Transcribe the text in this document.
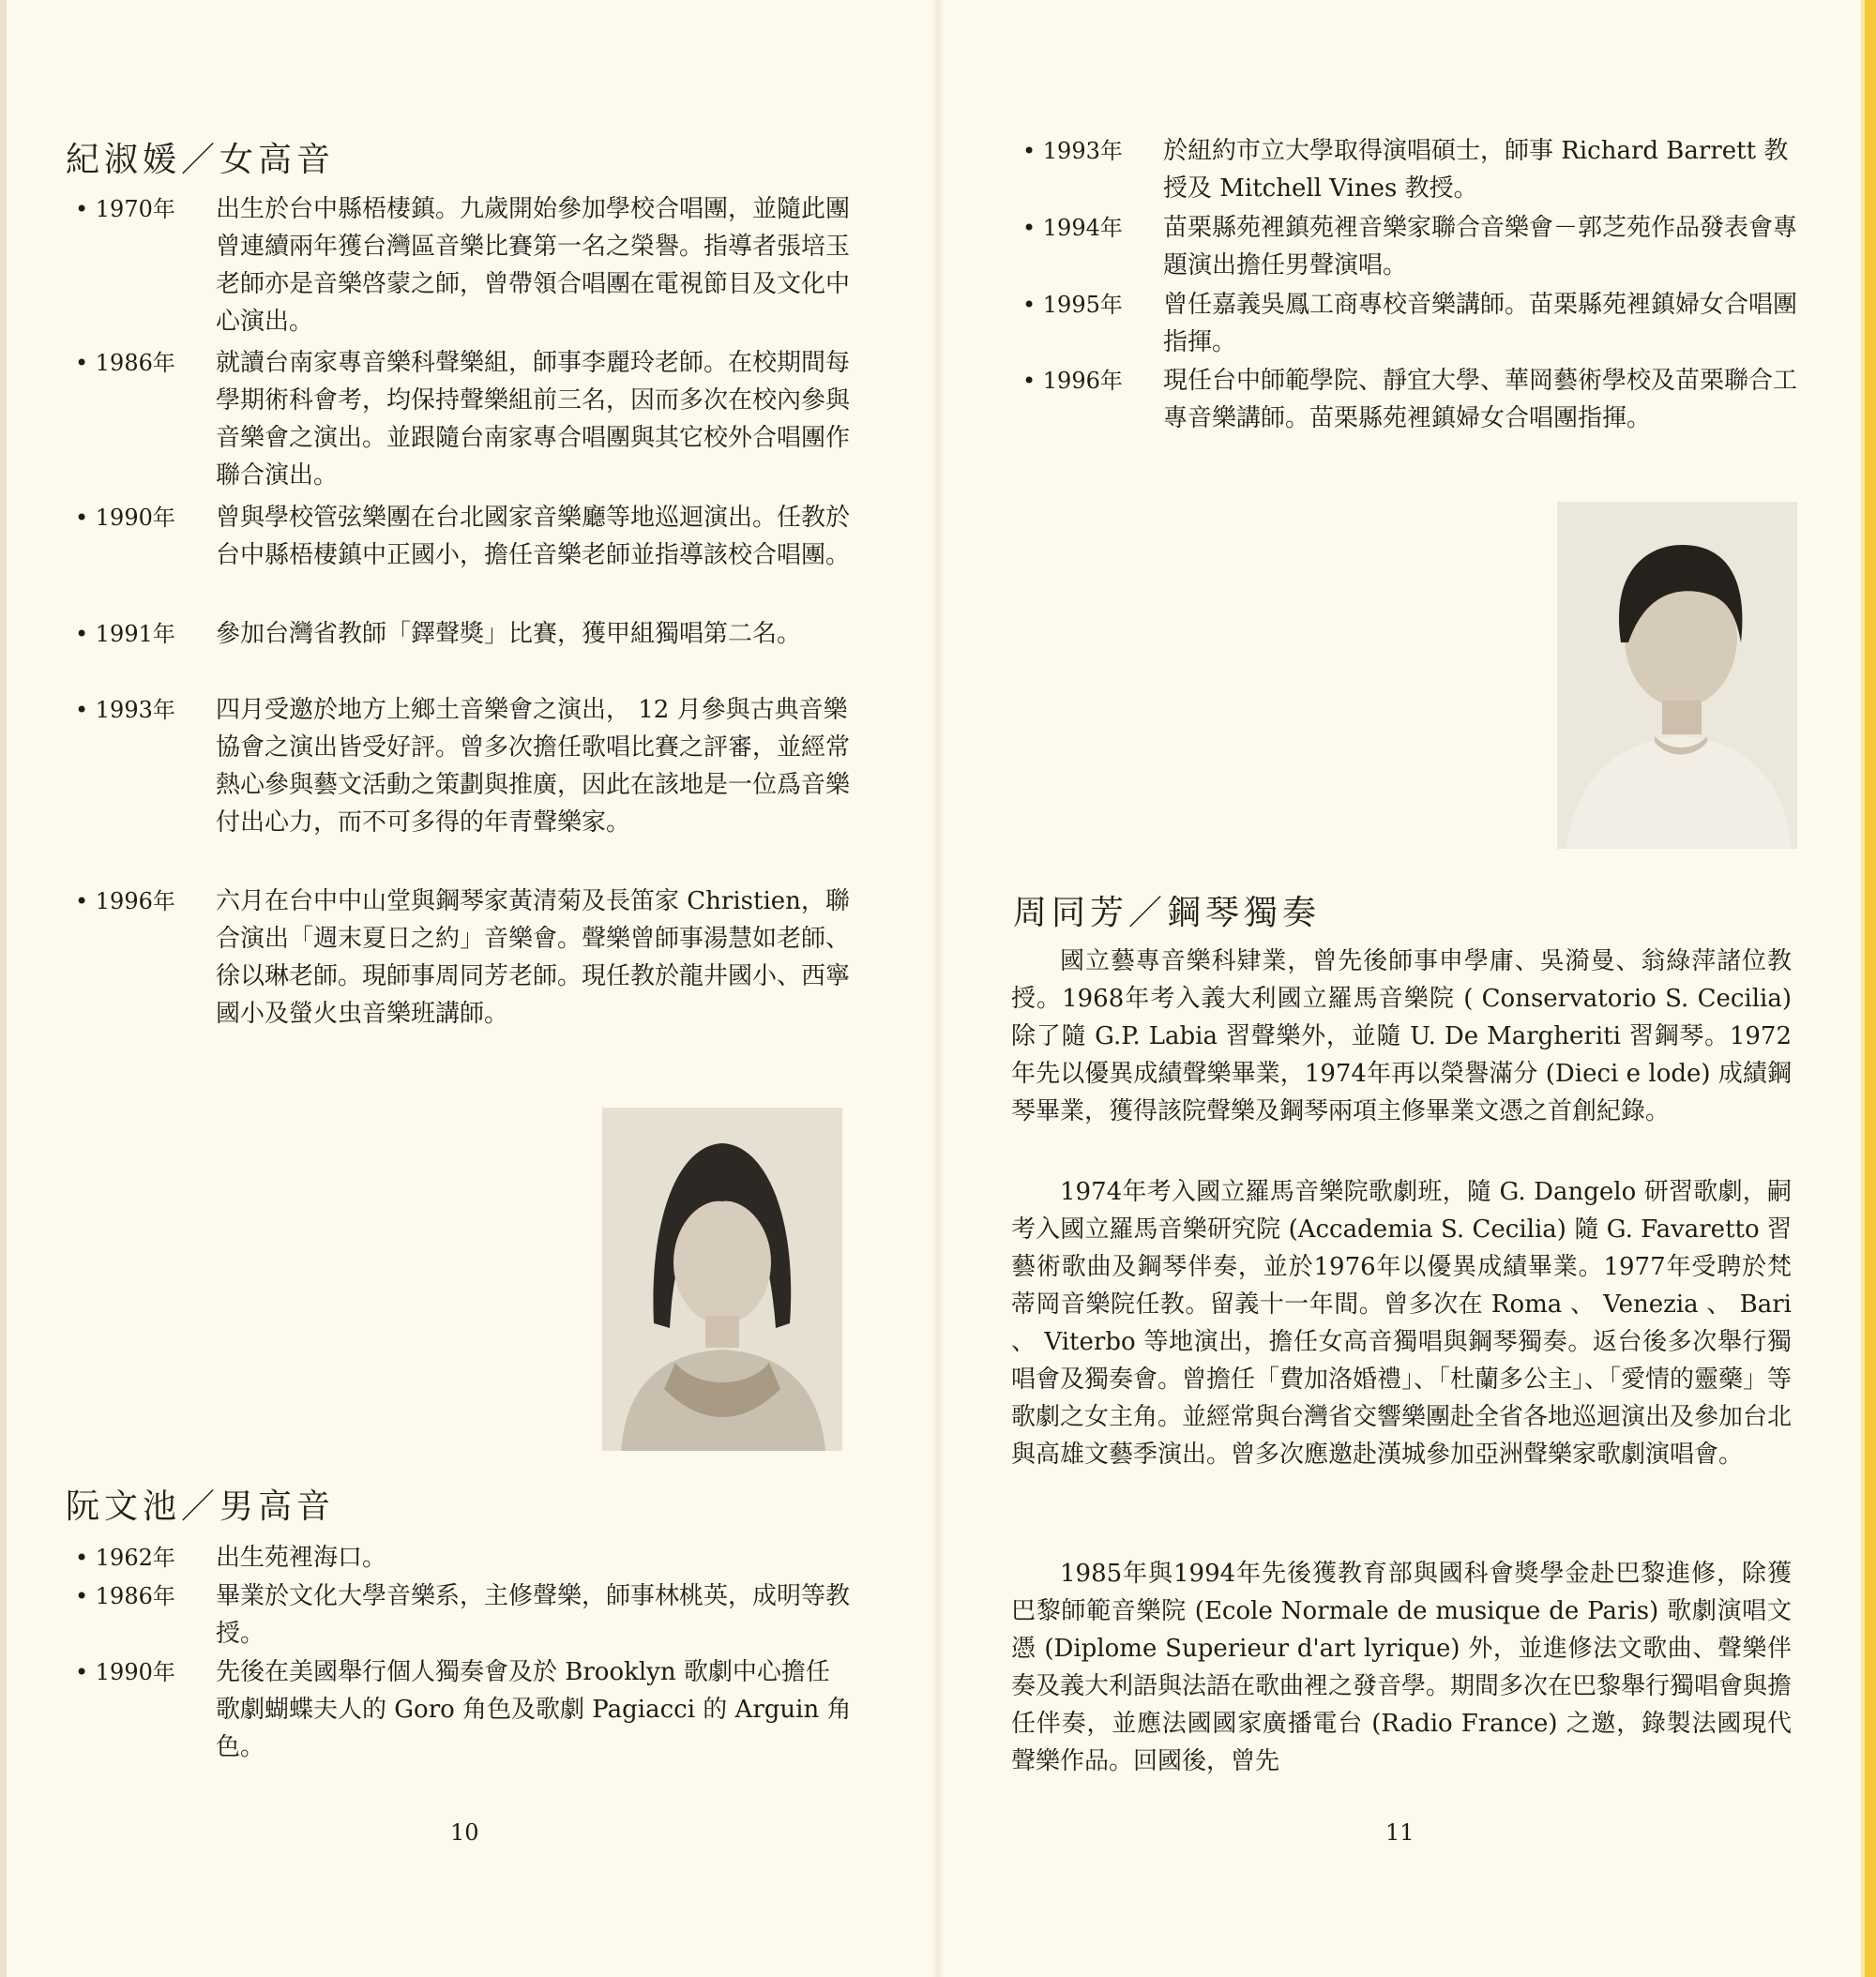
紀淑媛／女高音
• 1970年	出生於台中縣梧棲鎮。九歲開始參加學校合唱團，並隨此團曾連續兩年獲台灣區音樂比賽第一名之榮譽。指導者張培玉老師亦是音樂啓蒙之師，曾帶領合唱團在電視節目及文化中心演出。
• 1986年	就讀台南家專音樂科聲樂組，師事李麗玲老師。在校期間每學期術科會考，均保持聲樂組前三名，因而多次在校內參與音樂會之演出。並跟隨台南家專合唱團與其它校外合唱團作聯合演出。
• 1990年	曾與學校管弦樂團在台北國家音樂廳等地巡迴演出。任教於台中縣梧棲鎮中正國小，擔任音樂老師並指導該校合唱團。
• 1991年	參加台灣省教師「鐸聲獎」比賽，獲甲組獨唱第二名。
• 1993年	四月受邀於地方上鄉土音樂會之演出， 12 月參與古典音樂協會之演出皆受好評。曾多次擔任歌唱比賽之評審，並經常熱心參與藝文活動之策劃與推廣，因此在該地是一位爲音樂付出心力，而不可多得的年青聲樂家。
• 1996年	六月在台中中山堂與鋼琴家黃清菊及長笛家 Christien，聯合演出「週末夏日之約」音樂會。聲樂曾師事湯慧如老師、徐以琳老師。現師事周同芳老師。現任教於龍井國小、西寧國小及螢火虫音樂班講師。
阮文池／男高音
• 1962年	出生苑裡海口。
• 1986年	畢業於文化大學音樂系，主修聲樂，師事林桃英，成明等教授。
• 1990年	先後在美國舉行個人獨奏會及於 Brooklyn 歌劇中心擔任歌劇蝴蝶夫人的 Goro 角色及歌劇 Pagiacci 的 Arguin 角色。
10
• 1993年	於紐約市立大學取得演唱碩士，師事 Richard Barrett 教授及 Mitchell Vines 教授。
• 1994年	苗栗縣苑裡鎮苑裡音樂家聯合音樂會－郭芝苑作品發表會專題演出擔任男聲演唱。
• 1995年	曾任嘉義吳鳳工商專校音樂講師。苗栗縣苑裡鎮婦女合唱團指揮。
• 1996年	現任台中師範學院、靜宜大學、華岡藝術學校及苗栗聯合工專音樂講師。苗栗縣苑裡鎮婦女合唱團指揮。
周同芳／鋼琴獨奏

國立藝專音樂科肄業，曾先後師事申學庸、吳漪曼、翁綠萍諸位教授。1968年考入義大利國立羅馬音樂院 ( Conservatorio S. Cecilia) 除了隨 G.P. Labia 習聲樂外，並隨 U. De Margheriti 習鋼琴。1972年先以優異成績聲樂畢業，1974年再以榮譽滿分 (Dieci e lode) 成績鋼琴畢業，獲得該院聲樂及鋼琴兩項主修畢業文憑之首創紀錄。

1974年考入國立羅馬音樂院歌劇班，隨 G. Dangelo 研習歌劇，嗣考入國立羅馬音樂研究院 (Accademia S. Cecilia) 隨 G. Favaretto 習藝術歌曲及鋼琴伴奏，並於1976年以優異成績畢業。1977年受聘於梵蒂岡音樂院任教。留義十一年間。曾多次在 Roma 、 Venezia 、 Bari 、 Viterbo 等地演出，擔任女高音獨唱與鋼琴獨奏。返台後多次舉行獨唱會及獨奏會。曾擔任「費加洛婚禮」、「杜蘭多公主」、「愛情的靈藥」等歌劇之女主角。並經常與台灣省交響樂團赴全省各地巡迴演出及參加台北與高雄文藝季演出。曾多次應邀赴漢城參加亞洲聲樂家歌劇演唱會。

1985年與1994年先後獲教育部與國科會獎學金赴巴黎進修，除獲巴黎師範音樂院 (Ecole Normale de musique de Paris) 歌劇演唱文憑 (Diplome Superieur d'art lyrique) 外，並進修法文歌曲、聲樂伴奏及義大利語與法語在歌曲裡之發音學。期間多次在巴黎舉行獨唱會與擔任伴奏，並應法國國家廣播電台 (Radio France) 之邀，錄製法國現代聲樂作品。回國後，曾先

11
